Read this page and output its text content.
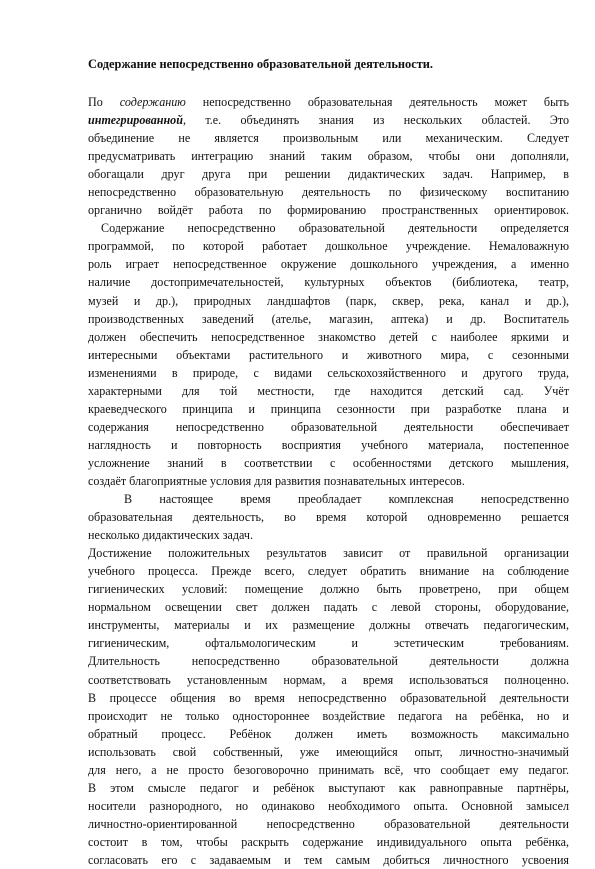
Содержание непосредственно образовательной деятельности.

По содержанию непосредственно образовательная деятельность может быть
интегрированной, т.е. объединять знания из нескольких областей. Это
объединение не является произвольным или механическим. Следует
предусматривать интеграцию знаний таким образом, чтобы они дополняли,
обогащали друг друга при решении дидактических задач. Например, в
непосредственно образовательную деятельность по физическому воспитанию
органично войдёт работа по формированию пространственных ориентировок.

Содержание непосредственно образовательной деятельности определяется
программой, по которой работает дошкольное учреждение. Немаловажную
роль играет непосредственное окружение дошкольного учреждения, а именно
наличие достопримечательностей, культурных объектов (библиотека, театр,
музей и др.), природных ландшафтов (парк, сквер, река, канал и др.),
производственных заведений (ателье, магазин, аптека) и др. Воспитатель
должен обеспечить непосредственное знакомство детей с наиболее яркими и
интересными объектами растительного и животного мира, с сезонными
изменениями в природе, с видами сельскохозяйственного и другого труда,
характерными для той местности, где находится детский сад. Учёт
краеведческого принципа и принципа сезонности при разработке плана и
содержания непосредственно образовательной деятельности обеспечивает
наглядность и повторность восприятия учебного материала, постепенное
усложнение знаний в соответствии с особенностями детского мышления,
создаёт благоприятные условия для развития познавательных интересов.

В настоящее время преобладает комплексная непосредственно
образовательная деятельность, во время которой одновременно решается
несколько дидактических задач.

Достижение положительных результатов зависит от правильной организации
учебного процесса. Прежде всего, следует обратить внимание на соблюдение
гигиенических условий: помещение должно быть проветрено, при общем
нормальном освещении свет должен падать с левой стороны, оборудование,
инструменты, материалы и их размещение должны отвечать педагогическим,
гигиеническим, офтальмологическим и эстетическим требованиям.
Длительность непосредственно образовательной деятельности должна
соответствовать установленным нормам, а время использоваться полноценно.

В процессе общения во время непосредственно образовательной деятельности
происходит не только одностороннее воздействие педагога на ребёнка, но и
обратный процесс. Ребёнок должен иметь возможность максимально
использовать свой собственный, уже имеющийся опыт, личностно-значимый
для него, а не просто безоговорочно принимать всё, что сообщает ему педагог.
В этом смысле педагог и ребёнок выступают как равноправные партнёры,
носители разнородного, но одинаково необходимого опыта. Основной замысел
личностно-ориентированной непосредственно образовательной деятельности
состоит в том, чтобы раскрыть содержание индивидуального опыта ребёнка,
согласовать его с задаваемым и тем самым добиться личностного усвоения
